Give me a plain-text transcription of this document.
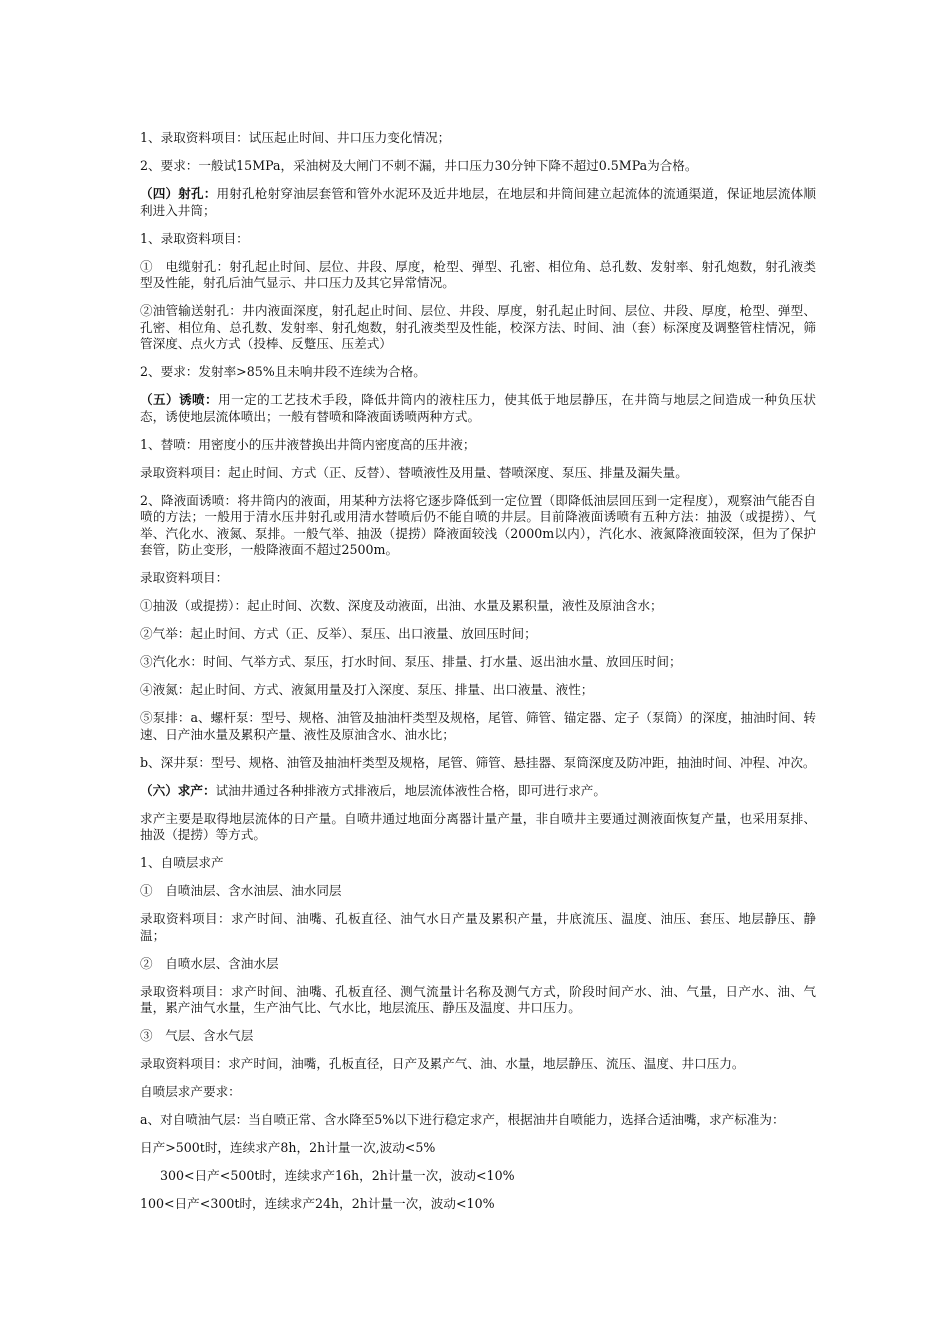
1、录取资料项目：试压起止时间、井口压力变化情况；

2、要求：一般试15MPa，采油树及大闸门不刺不漏，井口压力30分钟下降不超过0.5MPa为合格。

（四）射孔：用射孔枪射穿油层套管和管外水泥环及近井地层，在地层和井筒间建立起流体的流通渠道，保证地层流体顺利进入井筒；

1、录取资料项目：

①　电缆射孔：射孔起止时间、层位、井段、厚度，枪型、弹型、孔密、相位角、总孔数、发射率、射孔炮数，射孔液类型及性能，射孔后油气显示、井口压力及其它异常情况。

②油管输送射孔：井内液面深度，射孔起止时间、层位、井段、厚度，射孔起止时间、层位、井段、厚度，枪型、弹型、孔密、相位角、总孔数、发射率、射孔炮数，射孔液类型及性能，校深方法、时间、油（套）标深度及调整管柱情况，筛管深度、点火方式（投棒、反蹩压、压差式）

2、要求：发射率>85%且未响井段不连续为合格。

（五）诱喷：用一定的工艺技术手段，降低井筒内的液柱压力，使其低于地层静压，在井筒与地层之间造成一种负压状态，诱使地层流体喷出；一般有替喷和降液面诱喷两种方式。

1、替喷：用密度小的压井液替换出井筒内密度高的压井液；

录取资料项目：起止时间、方式（正、反替）、替喷液性及用量、替喷深度、泵压、排量及漏失量。

2、降液面诱喷：将井筒内的液面，用某种方法将它逐步降低到一定位置（即降低油层回压到一定程度），观察油气能否自喷的方法；一般用于清水压井射孔或用清水替喷后仍不能自喷的井层。目前降液面诱喷有五种方法：抽汲（或提捞）、气举、汽化水、液氮、泵排。一般气举、抽汲（提捞）降液面较浅（2000m以内），汽化水、液氮降液面较深，但为了保护套管，防止变形，一般降液面不超过2500m。

录取资料项目：

①抽汲（或提捞）：起止时间、次数、深度及动液面，出油、水量及累积量，液性及原油含水；

②气举：起止时间、方式（正、反举）、泵压、出口液量、放回压时间；

③汽化水：时间、气举方式、泵压，打水时间、泵压、排量、打水量、返出油水量、放回压时间；

④液氮：起止时间、方式、液氮用量及打入深度、泵压、排量、出口液量、液性；

⑤泵排：a、螺杆泵：型号、规格、油管及抽油杆类型及规格，尾管、筛管、锚定器、定子（泵筒）的深度，抽油时间、转速、日产油水量及累积产量、液性及原油含水、油水比；

b、深井泵：型号、规格、油管及抽油杆类型及规格，尾管、筛管、悬挂器、泵筒深度及防冲距，抽油时间、冲程、冲次。

（六）求产：试油井通过各种排液方式排液后，地层流体液性合格，即可进行求产。

求产主要是取得地层流体的日产量。自喷井通过地面分离器计量产量，非自喷井主要通过测液面恢复产量，也采用泵排、抽汲（提捞）等方式。

1、自喷层求产

①　自喷油层、含水油层、油水同层

录取资料项目：求产时间、油嘴、孔板直径、油气水日产量及累积产量，井底流压、温度、油压、套压、地层静压、静温；

②　自喷水层、含油水层

录取资料项目：求产时间、油嘴、孔板直径、测气流量计名称及测气方式，阶段时间产水、油、气量，日产水、油、气量，累产油气水量，生产油气比、气水比，地层流压、静压及温度、井口压力。

③　气层、含水气层

录取资料项目：求产时间，油嘴，孔板直径，日产及累产气、油、水量，地层静压、流压、温度、井口压力。

自喷层求产要求：

a、对自喷油气层：当自喷正常、含水降至5%以下进行稳定求产，根据油井自喷能力，选择合适油嘴，求产标准为：

日产>500t时，连续求产8h，2h计量一次,波动<5%

300<日产<500t时，连续求产16h，2h计量一次，波动<10%

100<日产<300t时，连续求产24h，2h计量一次，波动<10%
